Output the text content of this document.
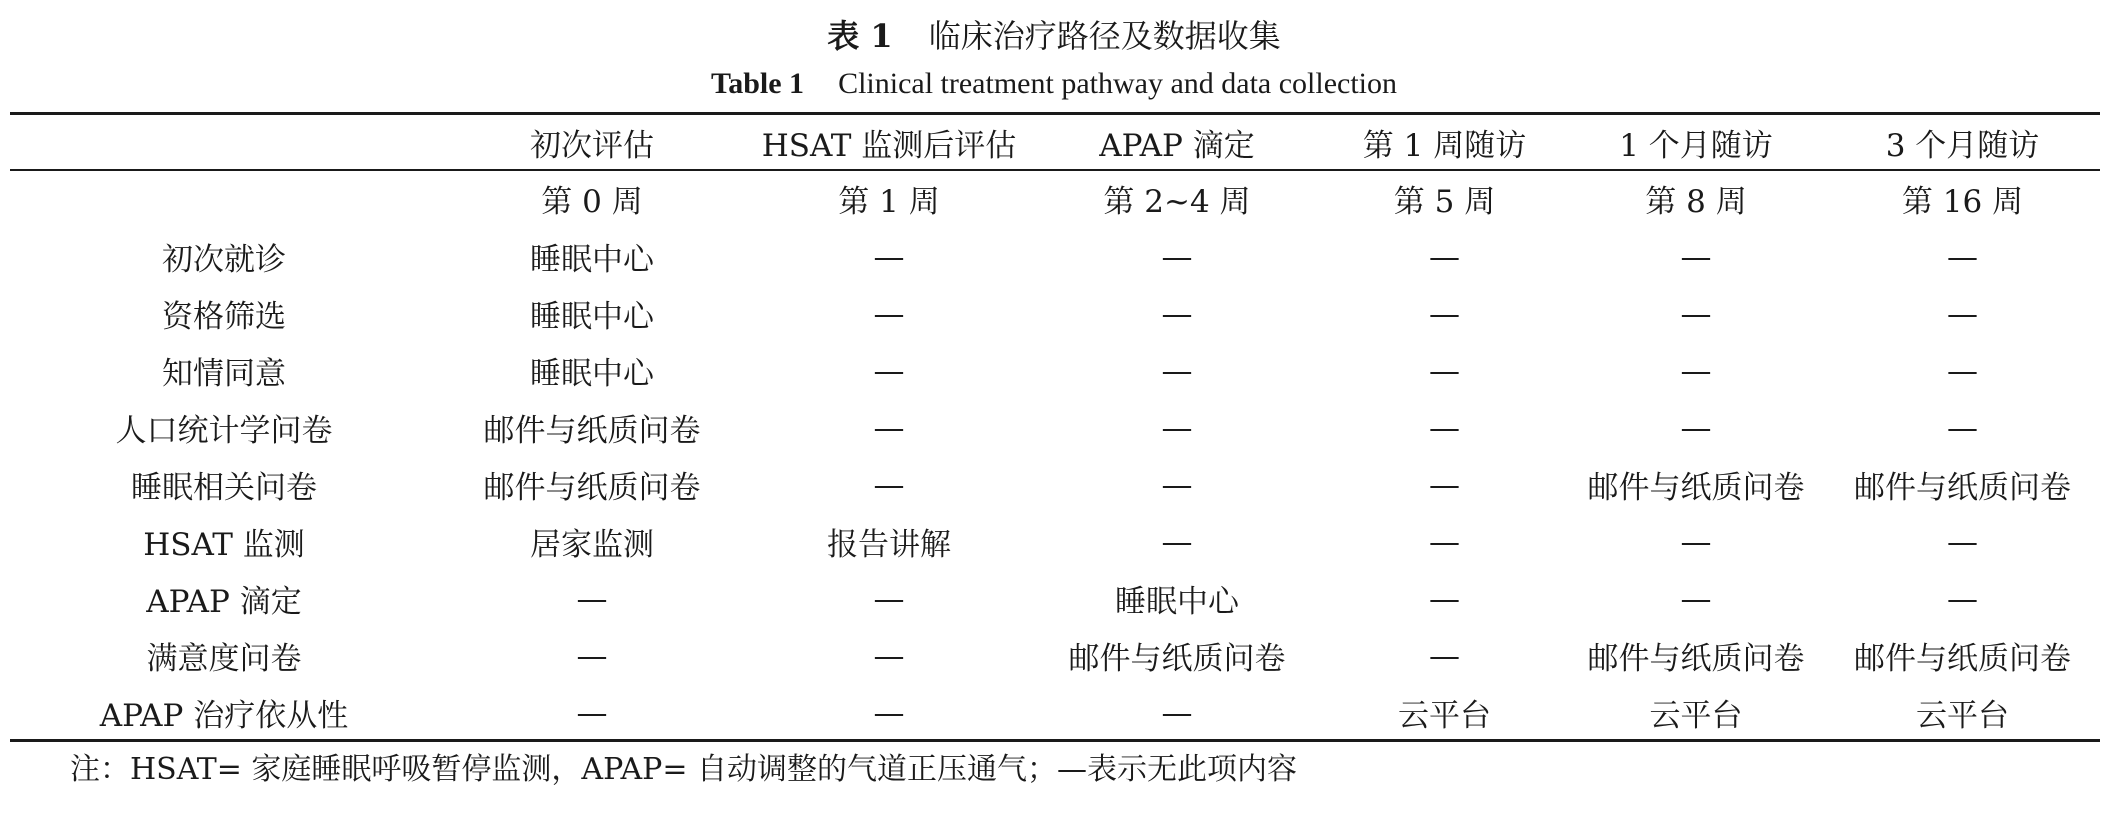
表 1 临床治疗路径及数据收集
Table 1 Clinical treatment pathway and data collection
	初次评估	HSAT 监测后评估	APAP 滴定	第 1 周随访	1 个月随访	3 个月随访
	第 0 周	第 1 周	第 2~4 周	第 5 周	第 8 周	第 16 周
初次就诊	睡眠中心	—	—	—	—	—
资格筛选	睡眠中心	—	—	—	—	—
知情同意	睡眠中心	—	—	—	—	—
人口统计学问卷	邮件与纸质问卷	—	—	—	—	—
睡眠相关问卷	邮件与纸质问卷	—	—	—	邮件与纸质问卷	邮件与纸质问卷
HSAT 监测	居家监测	报告讲解	—	—	—	—
APAP 滴定	—	—	睡眠中心	—	—	—
满意度问卷	—	—	邮件与纸质问卷	—	邮件与纸质问卷	邮件与纸质问卷
APAP 治疗依从性	—	—	—	云平台	云平台	云平台
注：HSAT= 家庭睡眠呼吸暂停监测，APAP= 自动调整的气道正压通气；—表示无此项内容
